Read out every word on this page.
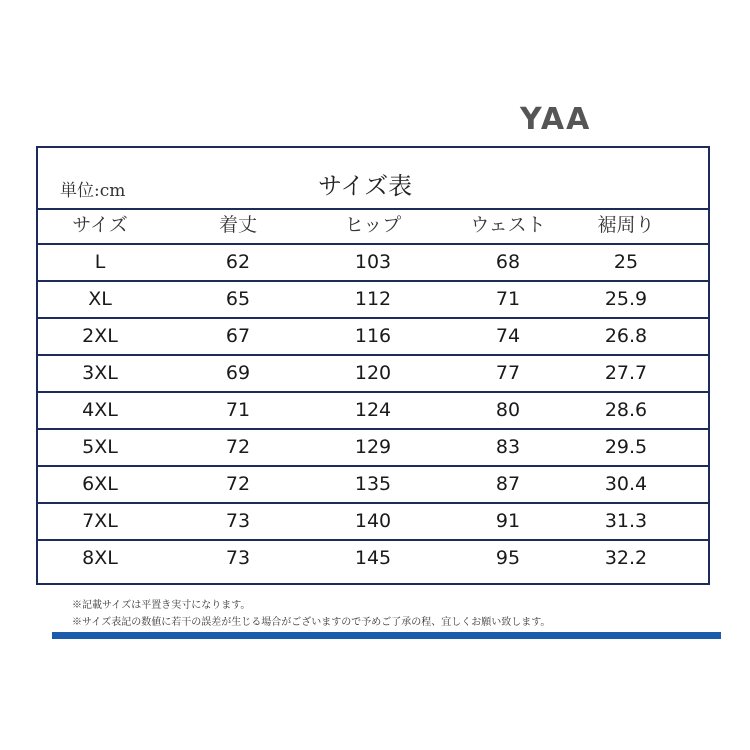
YAA
単位:cm	サイズ表
サイズ	着丈	ヒップ	ウェスト	裾周り
L	62	103	68	25
XL	65	112	71	25.9
2XL	67	116	74	26.8
3XL	69	120	77	27.7
4XL	71	124	80	28.6
5XL	72	129	83	29.5
6XL	72	135	87	30.4
7XL	73	140	91	31.3
8XL	73	145	95	32.2
※記載サイズは平置き実寸になります。
※サイズ表記の数値に若干の誤差が生じる場合がございますので予めご了承の程、宜しくお願い致します。
